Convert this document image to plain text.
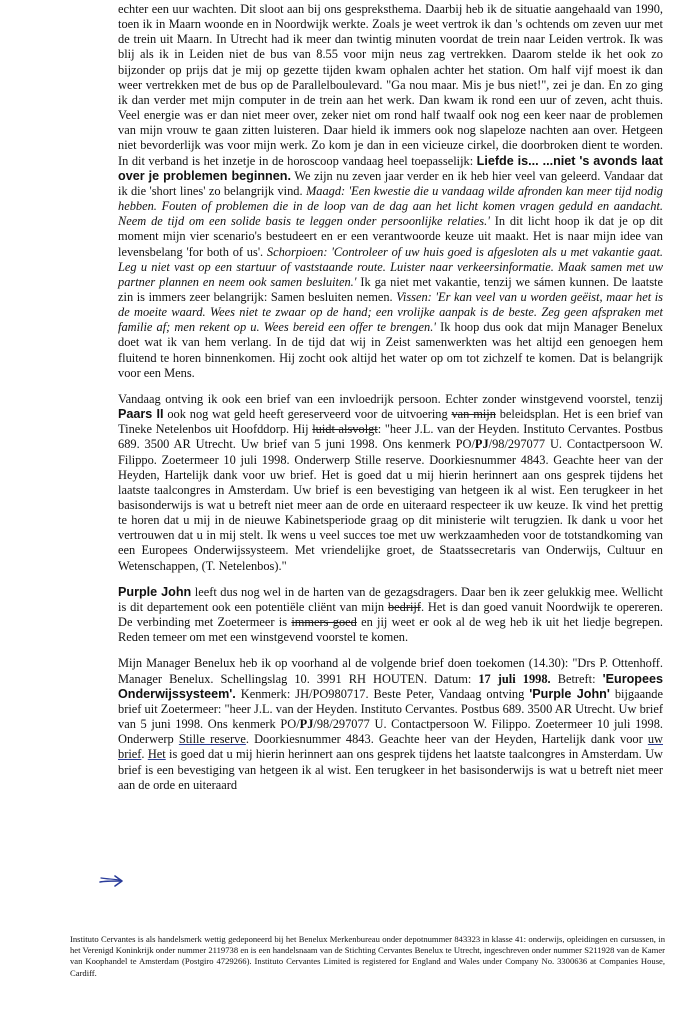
echter een uur wachten. Dit sloot aan bij ons gespreksthema. Daarbij heb ik de situatie aangehaald van 1990, toen ik in Maarn woonde en in Noordwijk werkte. Zoals je weet vertrok ik dan 's ochtends om zeven uur met de trein uit Maarn. In Utrecht had ik meer dan twintig minuten voordat de trein naar Leiden vertrok. Ik was blij als ik in Leiden niet de bus van 8.55 voor mijn neus zag vertrekken. Daarom stelde ik het ook zo bijzonder op prijs dat je mij op gezette tijden kwam ophalen achter het station. Om half vijf moest ik dan weer vertrekken met de bus op de Parallelboulevard. "Ga nou maar. Mis je bus niet!", zei je dan. En zo ging ik dan verder met mijn computer in de trein aan het werk. Dan kwam ik rond een uur of zeven, acht thuis. Veel energie was er dan niet meer over, zeker niet om rond half twaalf ook nog een keer naar de problemen van mijn vrouw te gaan zitten luisteren. Daar hield ik immers ook nog slapeloze nachten aan over. Hetgeen niet bevorderlijk was voor mijn werk. Zo kom je dan in een vicieuze cirkel, die doorbroken dient te worden. In dit verband is het inzetje in de horoscoop vandaag heel toepasselijk: Liefde is... ...niet 's avonds laat over je problemen beginnen. We zijn nu zeven jaar verder en ik heb hier veel van geleerd. Vandaar dat ik die 'short lines' zo belangrijk vind. Maagd: 'Een kwestie die u vandaag wilde afronden kan meer tijd nodig hebben. Fouten of problemen die in de loop van de dag aan het licht komen vragen geduld en aandacht. Neem de tijd om een solide basis te leggen onder persoonlijke relaties.' In dit licht hoop ik dat je op dit moment mijn vier scenario's bestudeert en er een verantwoorde keuze uit maakt. Het is naar mijn idee van levensbelang 'for both of us'. Schorpioen: 'Controleer of uw huis goed is afgesloten als u met vakantie gaat. Leg u niet vast op een startuur of vaststaande route. Luister naar verkeersinformatie. Maak samen met uw partner plannen en neem ook samen besluiten.' Ik ga niet met vakantie, tenzij we sámen kunnen. De laatste zin is immers zeer belangrijk: Samen besluiten nemen. Vissen: 'Er kan veel van u worden geëist, maar het is de moeite waard. Wees niet te zwaar op de hand; een vrolijke aanpak is de beste. Zeg geen afspraken met familie af; men rekent op u. Wees bereid een offer te brengen.' Ik hoop dus ook dat mijn Manager Benelux doet wat ik van hem verlang. In de tijd dat wij in Zeist samenwerkten was het altijd een genoegen hem fluitend te horen binnenkomen. Hij zocht ook altijd het water op om tot zichzelf te komen. Dat is belangrijk voor een Mens.

Vandaag ontving ik ook een brief van een invloedrijk persoon. Echter zonder winstgevend voorstel, tenzij Paars II ook nog wat geld heeft gereserveerd voor de uitvoering van mijn beleidsplan. Het is een brief van Tineke Netelenbos uit Hoofddorp. Hij luidt alsvolgt: "heer J.L. van der Heyden. Instituto Cervantes. Postbus 689. 3500 AR Utrecht. Uw brief van 5 juni 1998. Ons kenmerk PO/PJ/98/297077 U. Contactpersoon W. Filippo. Zoetermeer 10 juli 1998. Onderwerp Stille reserve. Doorkiesnummer 4843. Geachte heer van der Heyden, Hartelijk dank voor uw brief. Het is goed dat u mij hierin herinnert aan ons gesprek tijdens het laatste taalcongres in Amsterdam. Uw brief is een bevestiging van hetgeen ik al wist. Een terugkeer in het basisonderwijs is wat u betreft niet meer aan de orde en uiteraard respecteer ik uw keuze. Ik vind het prettig te horen dat u mij in de nieuwe Kabinetsperiode graag op dit ministerie wilt terugzien. Ik dank u voor het vertrouwen dat u in mij stelt. Ik wens u veel succes toe met uw werkzaamheden voor de totstandkoming van een Europees Onderwijssysteem. Met vriendelijke groet, de Staatssecretaris van Onderwijs, Cultuur en Wetenschappen, (T. Netelenbos)."

Purple John leeft dus nog wel in de harten van de gezagsdragers. Daar ben ik zeer gelukkig mee. Wellicht is dit departement ook een potentiële cliënt van mijn bedrijf. Het is dan goed vanuit Noordwijk te opereren. De verbinding met Zoetermeer is immers goed en jij weet er ook al de weg heb ik uit het liedje begrepen. Reden temeer om met een winstgevend voorstel te komen.

Mijn Manager Benelux heb ik op voorhand al de volgende brief doen toekomen (14.30): "Drs P. Ottenhoff. Manager Benelux. Schellingslag 10. 3991 RH HOUTEN. Datum: 17 juli 1998. Betreft: 'Europees Onderwijssysteem'. Kenmerk: JH/PO980717. Beste Peter, Vandaag ontving 'Purple John' bijgaande brief uit Zoetermeer: "heer J.L. van der Heyden. Instituto Cervantes. Postbus 689. 3500 AR Utrecht. Uw brief van 5 juni 1998. Ons kenmerk PO/PJ/98/297077 U. Contactpersoon W. Filippo. Zoetermeer 10 juli 1998. Onderwerp Stille reserve. Doorkiesnummer 4843. Geachte heer van der Heyden, Hartelijk dank voor uw brief. Het is goed dat u mij hierin herinnert aan ons gesprek tijdens het laatste taalcongres in Amsterdam. Uw brief is een bevestiging van hetgeen ik al wist. Een terugkeer in het basisonderwijs is wat u betreft niet meer aan de orde en uiteraard

Instituto Cervantes is als handelsmerk wettig gedeponeerd bij het Benelux Merkenbureau onder depotnummer 843323 in klasse 41: onderwijs, opleidingen en cursussen, in het Verenigd Koninkrijk onder nummer 2119738 en is een handelsnaam van de Stichting Cervantes Benelux te Utrecht, ingeschreven onder nummer S211928 van de Kamer van Koophandel te Amsterdam (Postgiro 4729266). Instituto Cervantes Limited is registered for England and Wales under Company No. 3300636 at Companies House, Cardiff.
